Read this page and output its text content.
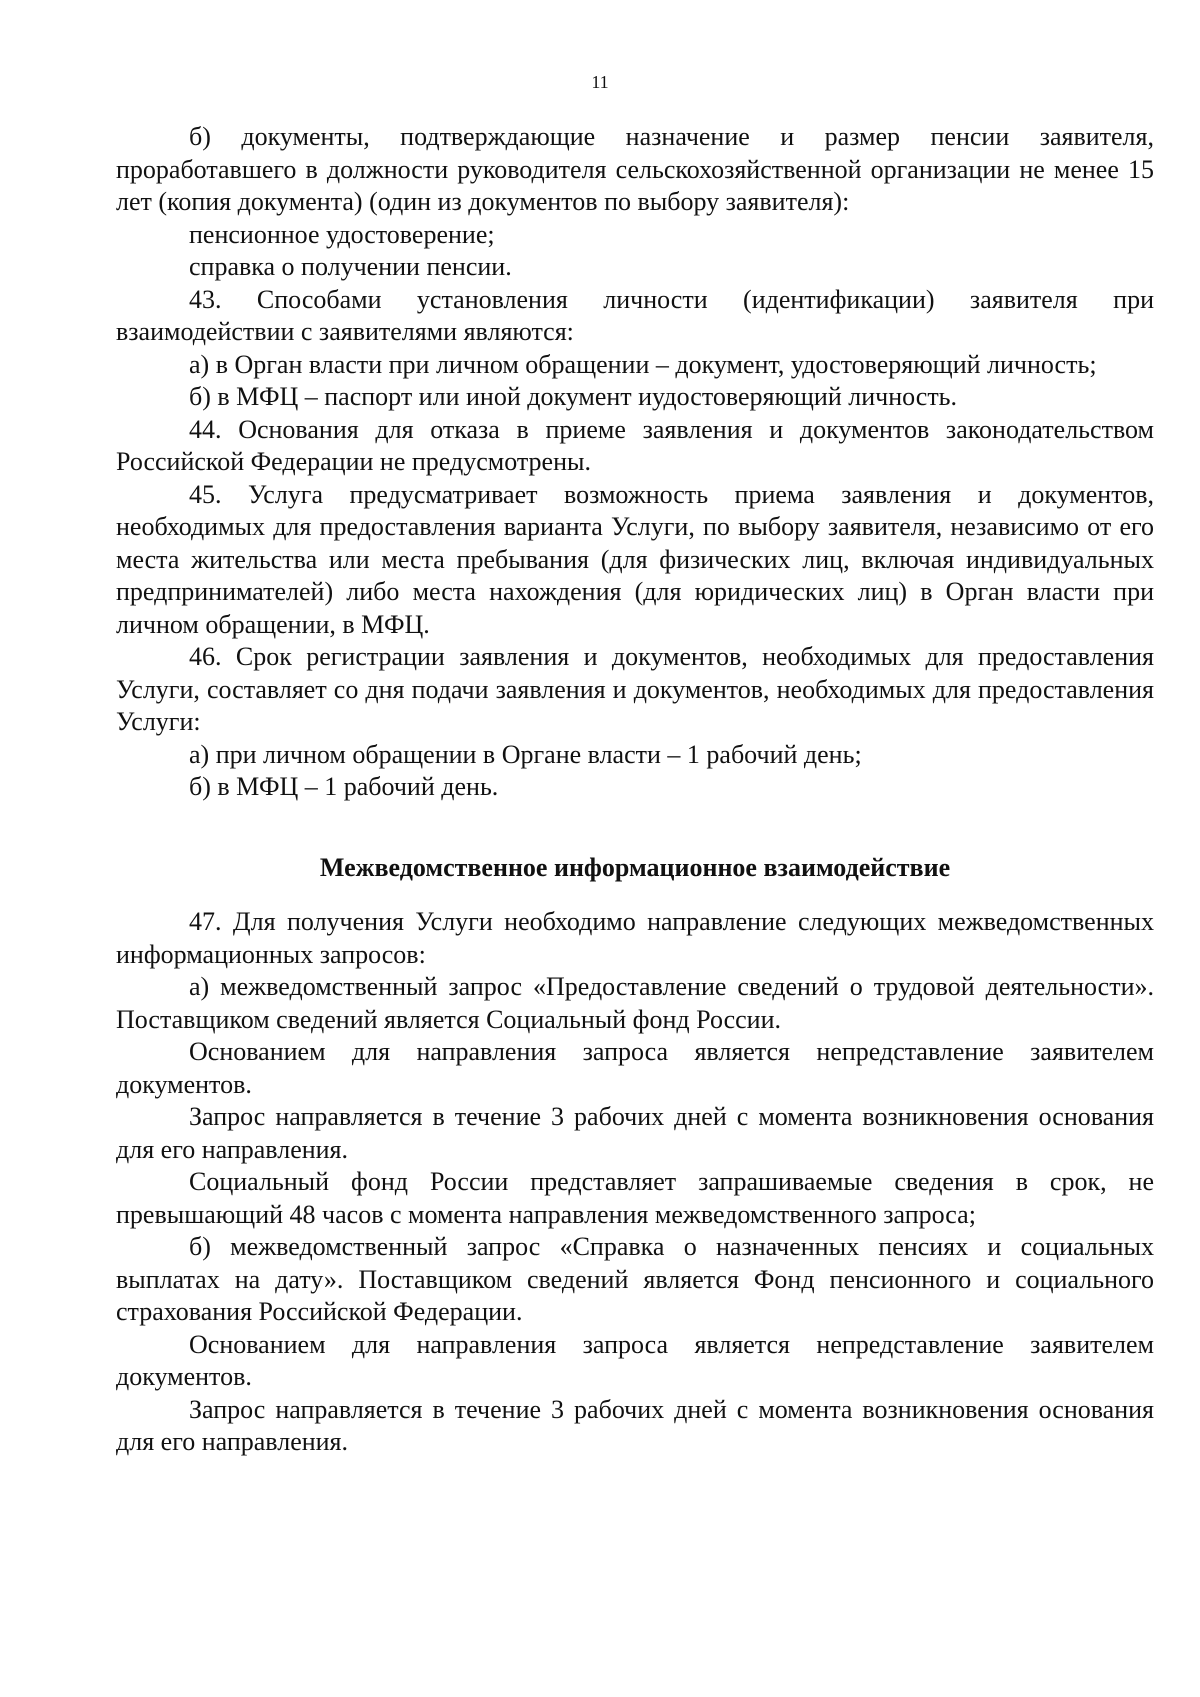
11

б) документы, подтверждающие назначение и размер пенсии заявителя, проработавшего в должности руководителя сельскохозяйственной организации не менее 15 лет (копия документа) (один из документов по выбору заявителя):

пенсионное удостоверение;

справка о получении пенсии.

43. Способами установления личности (идентификации) заявителя при взаимодействии с заявителями являются:

а) в Орган власти при личном обращении – документ, удостоверяющий личность;

б) в МФЦ – паспорт или иной документ иудостоверяющий личность.

44. Основания для отказа в приеме заявления и документов законодательством Российской Федерации не предусмотрены.

45. Услуга предусматривает возможность приема заявления и документов, необходимых для предоставления варианта Услуги, по выбору заявителя, независимо от его места жительства или места пребывания (для физических лиц, включая индивидуальных предпринимателей) либо места нахождения (для юридических лиц) в Орган власти при личном обращении, в МФЦ.

46. Срок регистрации заявления и документов, необходимых для предоставления Услуги, составляет со дня подачи заявления и документов, необходимых для предоставления Услуги:

а) при личном обращении в Органе власти – 1 рабочий день;

б) в МФЦ – 1 рабочий день.

Межведомственное информационное взаимодействие

47. Для получения Услуги необходимо направление следующих межведомственных информационных запросов:

а) межведомственный запрос «Предоставление сведений о трудовой деятельности». Поставщиком сведений является Социальный фонд России.

Основанием для направления запроса является непредставление заявителем документов.

Запрос направляется в течение 3 рабочих дней с момента возникновения основания для его направления.

Социальный фонд России представляет запрашиваемые сведения в срок, не превышающий 48 часов с момента направления межведомственного запроса;

б) межведомственный запрос «Справка о назначенных пенсиях и социальных выплатах на дату». Поставщиком сведений является Фонд пенсионного и социального страхования Российской Федерации.

Основанием для направления запроса является непредставление заявителем документов.

Запрос направляется в течение 3 рабочих дней с момента возникновения основания для его направления.
